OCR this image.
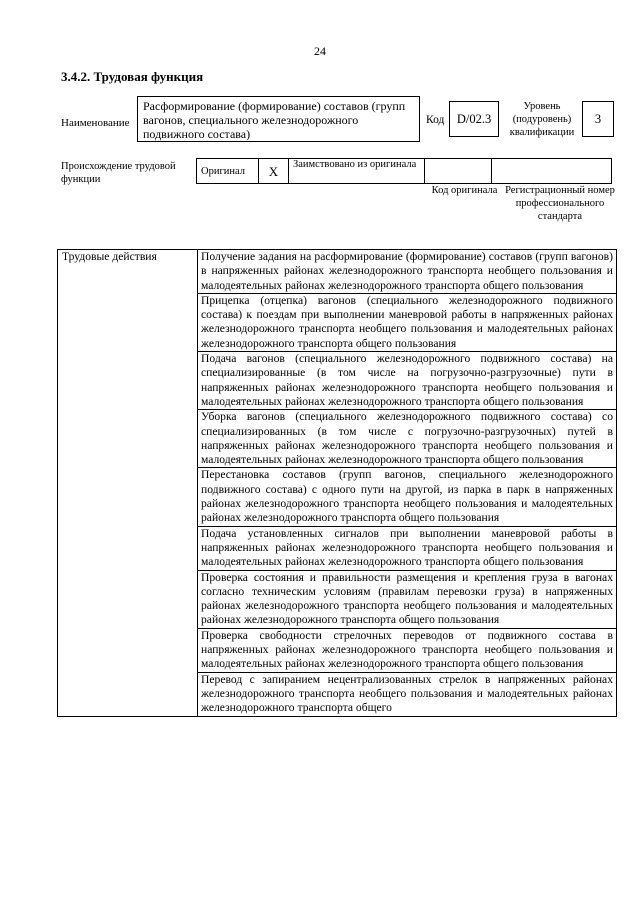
24
3.4.2. Трудовая функция
Наименование
Расформирование (формирование) составов (групп вагонов, специального железнодорожного подвижного состава)
Код D/02.3
Уровень (подуровень) квалификации
3
Происхождение трудовой функции
Оригинал	X	Заимствовано из оригинала		
Код оригинала Регистрационный номер профессионального стандарта
Трудовые действия	Получение задания на расформирование (формирование) составов (групп вагонов) в напряженных районах железнодорожного транспорта необщего пользования и малодеятельных районах железнодорожного транспорта общего пользования
Прицепка (отцепка) вагонов (специального железнодорожного подвижного состава) к поездам при выполнении маневровой работы в напряженных районах железнодорожного транспорта необщего пользования и малодеятельных районах железнодорожного транспорта общего пользования
Подача вагонов (специального железнодорожного подвижного состава) на специализированные (в том числе на погрузочно-разгрузочные) пути в напряженных районах железнодорожного транспорта необщего пользования и малодеятельных районах железнодорожного транспорта общего пользования
Уборка вагонов (специального железнодорожного подвижного состава) со специализированных (в том числе с погрузочно-разгрузочных) путей в напряженных районах железнодорожного транспорта необщего пользования и малодеятельных районах железнодорожного транспорта общего пользования
Перестановка составов (групп вагонов, специального железнодорожного подвижного состава) с одного пути на другой, из парка в парк в напряженных районах железнодорожного транспорта необщего пользования и малодеятельных районах железнодорожного транспорта общего пользования
Подача установленных сигналов при выполнении маневровой работы в напряженных районах железнодорожного транспорта необщего пользования и малодеятельных районах железнодорожного транспорта общего пользования
Проверка состояния и правильности размещения и крепления груза в вагонах согласно техническим условиям (правилам перевозки груза) в напряженных районах железнодорожного транспорта необщего пользования и малодеятельных районах железнодорожного транспорта общего пользования
Проверка свободности стрелочных переводов от подвижного состава в напряженных районах железнодорожного транспорта необщего пользования и малодеятельных районах железнодорожного транспорта общего пользования
Перевод с запиранием нецентрализованных стрелок в напряженных районах железнодорожного транспорта необщего пользования и малодеятельных районах железнодорожного транспорта общего
